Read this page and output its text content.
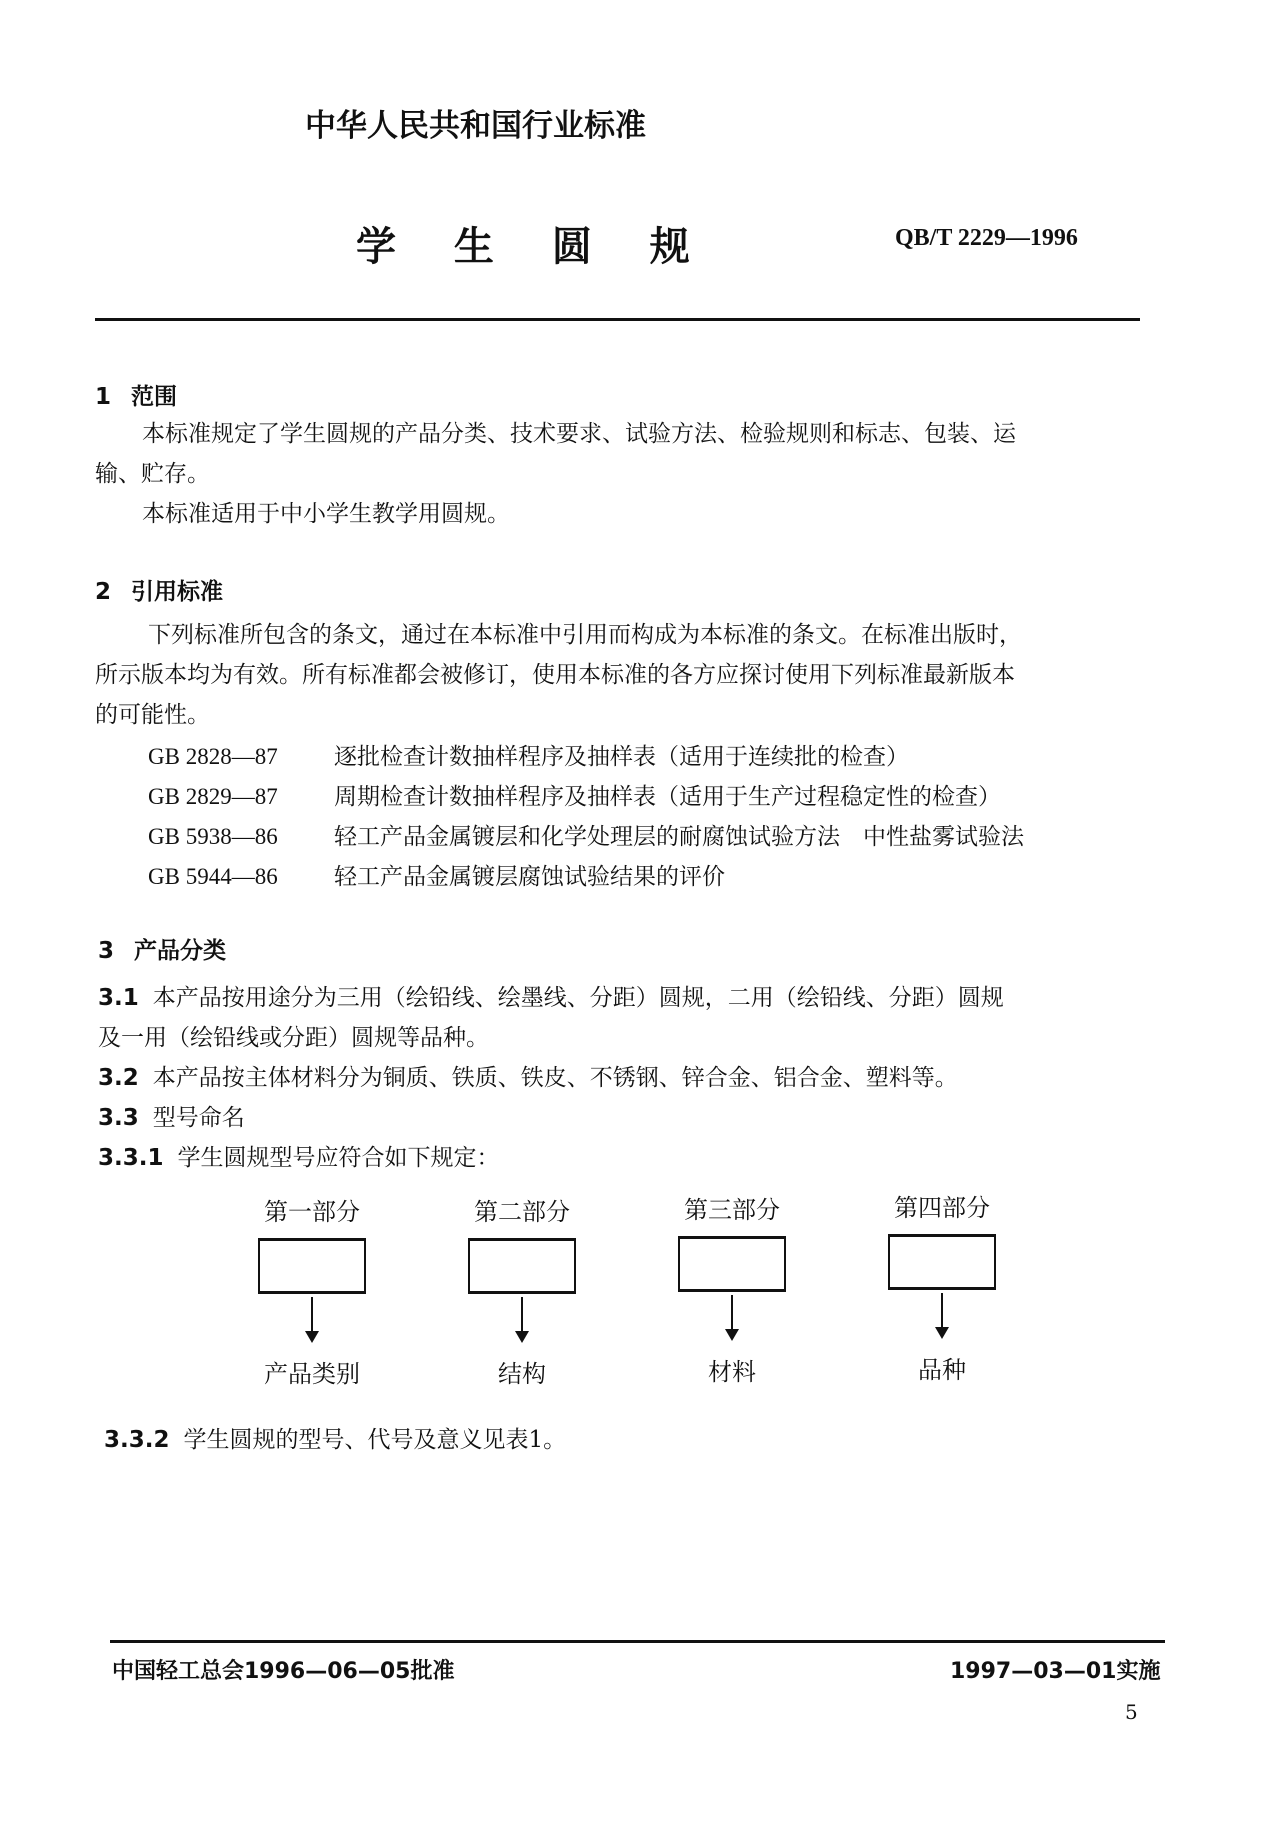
中华人民共和国行业标准
学 生 圆 规	QB/T 2229—1996
1 范围
本标准规定了学生圆规的产品分类、技术要求、试验方法、检验规则和标志、包装、运
输、贮存。
本标准适用于中小学生教学用圆规。
2 引用标准
下列标准所包含的条文，通过在本标准中引用而构成为本标准的条文。在标准出版时，
所示版本均为有效。所有标准都会被修订，使用本标准的各方应探讨使用下列标准最新版本
的可能性。
GB 2828—87 逐批检查计数抽样程序及抽样表（适用于连续批的检查）
GB 2829—87 周期检查计数抽样程序及抽样表（适用于生产过程稳定性的检查）
GB 5938—86 轻工产品金属镀层和化学处理层的耐腐蚀试验方法　中性盐雾试验法
GB 5944—86 轻工产品金属镀层腐蚀试验结果的评价
3 产品分类
3.1 本产品按用途分为三用（绘铅线、绘墨线、分距）圆规，二用（绘铅线、分距）圆规
及一用（绘铅线或分距）圆规等品种。
3.2 本产品按主体材料分为铜质、铁质、铁皮、不锈钢、锌合金、铝合金、塑料等。
3.3 型号命名
3.3.1 学生圆规型号应符合如下规定：
第一部分
产品类别
第二部分
结构
第三部分
材料
第四部分
品种
3.3.2 学生圆规的型号、代号及意义见表1。
中国轻工总会1996—06—05批准	1997—03—01实施
5
